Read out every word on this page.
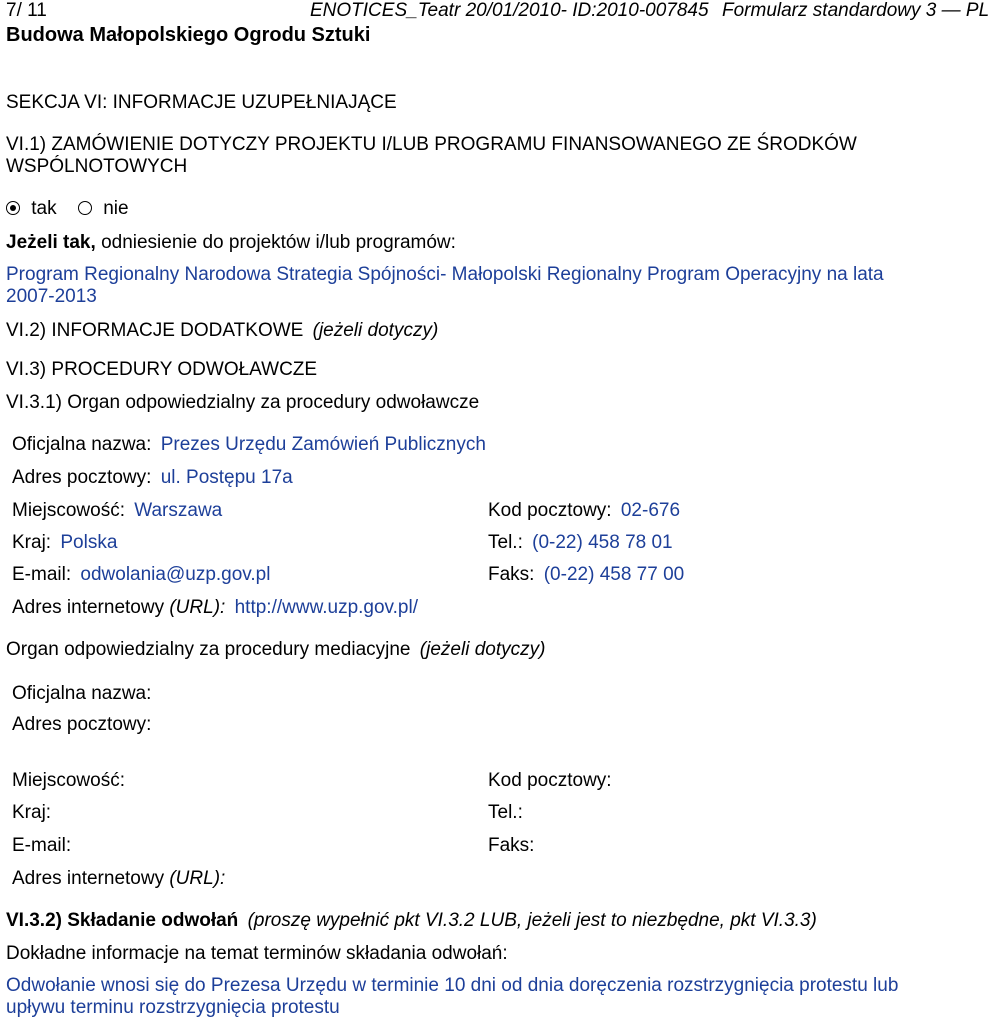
7/ 11	ENOTICES_Teatr 20/01/2010- ID:2010-007845 Formularz standardowy 3 — PL
Budowa Małopolskiego Ogrodu Sztuki
SEKCJA VI: INFORMACJE UZUPEŁNIAJĄCE
VI.1) ZAMÓWIENIE DOTYCZY PROJEKTU I/LUB PROGRAMU FINANSOWANEGO ZE ŚRODKÓW WSPÓLNOTOWYCH
tak nie
Jeżeli tak, odniesienie do projektów i/lub programów:
Program Regionalny Narodowa Strategia Spójności- Małopolski Regionalny Program Operacyjny na lata 2007-2013
VI.2) INFORMACJE DODATKOWE (jeżeli dotyczy)
VI.3) PROCEDURY ODWOŁAWCZE
VI.3.1) Organ odpowiedzialny za procedury odwoławcze
Oficjalna nazwa: Prezes Urzędu Zamówień Publicznych
Adres pocztowy: ul. Postępu 17a
Miejscowość: Warszawa	Kod pocztowy: 02-676
Kraj: Polska	Tel.: (0-22) 458 78 01
E-mail: odwolania@uzp.gov.pl	Faks: (0-22) 458 77 00
Adres internetowy (URL): http://www.uzp.gov.pl/
Organ odpowiedzialny za procedury mediacyjne (jeżeli dotyczy)
Oficjalna nazwa:
Adres pocztowy:
Miejscowość:	Kod pocztowy:
Kraj:	Tel.:
E-mail:	Faks:
Adres internetowy (URL):
VI.3.2) Składanie odwołań (proszę wypełnić pkt VI.3.2 LUB, jeżeli jest to niezbędne, pkt VI.3.3)
Dokładne informacje na temat terminów składania odwołań:
Odwołanie wnosi się do Prezesa Urzędu w terminie 10 dni od dnia doręczenia rozstrzygnięcia protestu lub upływu terminu rozstrzygnięcia protestu
